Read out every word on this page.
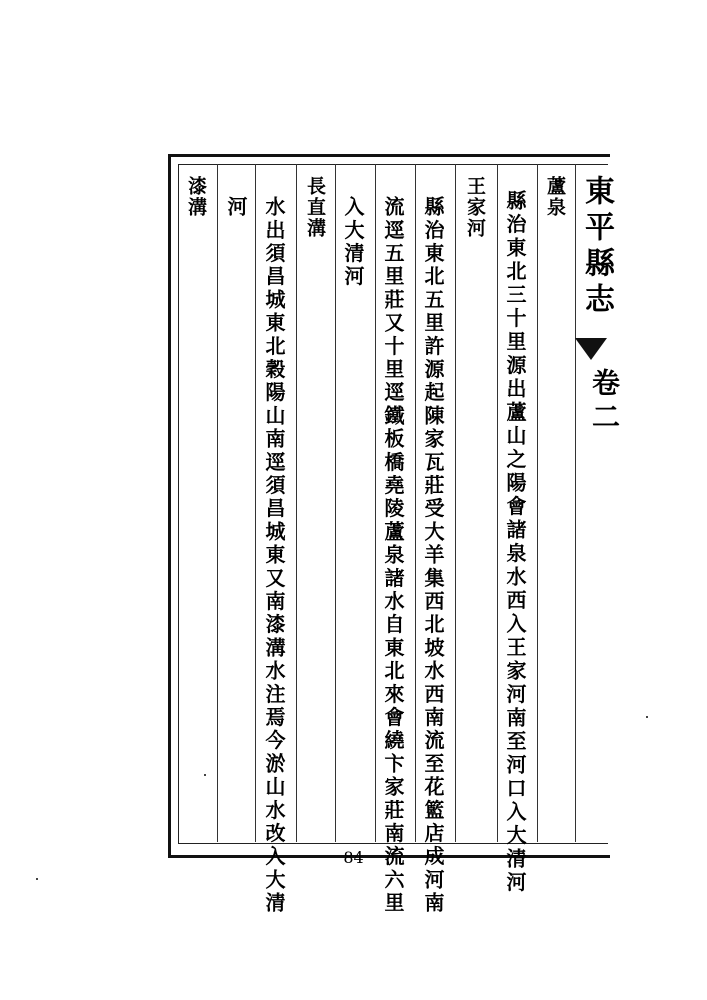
東平縣志
卷二
蘆泉
縣治東北三十里源出蘆山之陽會諸泉水西入王家河南至河口入大清河
王家河
縣治東北五里許源起陳家瓦莊受大羊集西北坡水西南流至花籃店成河南
流逕五里莊又十里逕鐵板橋堯陵蘆泉諸水自東北來會繞卞家莊南流六里
入大清河
長直溝
水出須昌城東北穀陽山南逕須昌城東又南漆溝水注焉今淤山水改入大清
河
漆溝
84
